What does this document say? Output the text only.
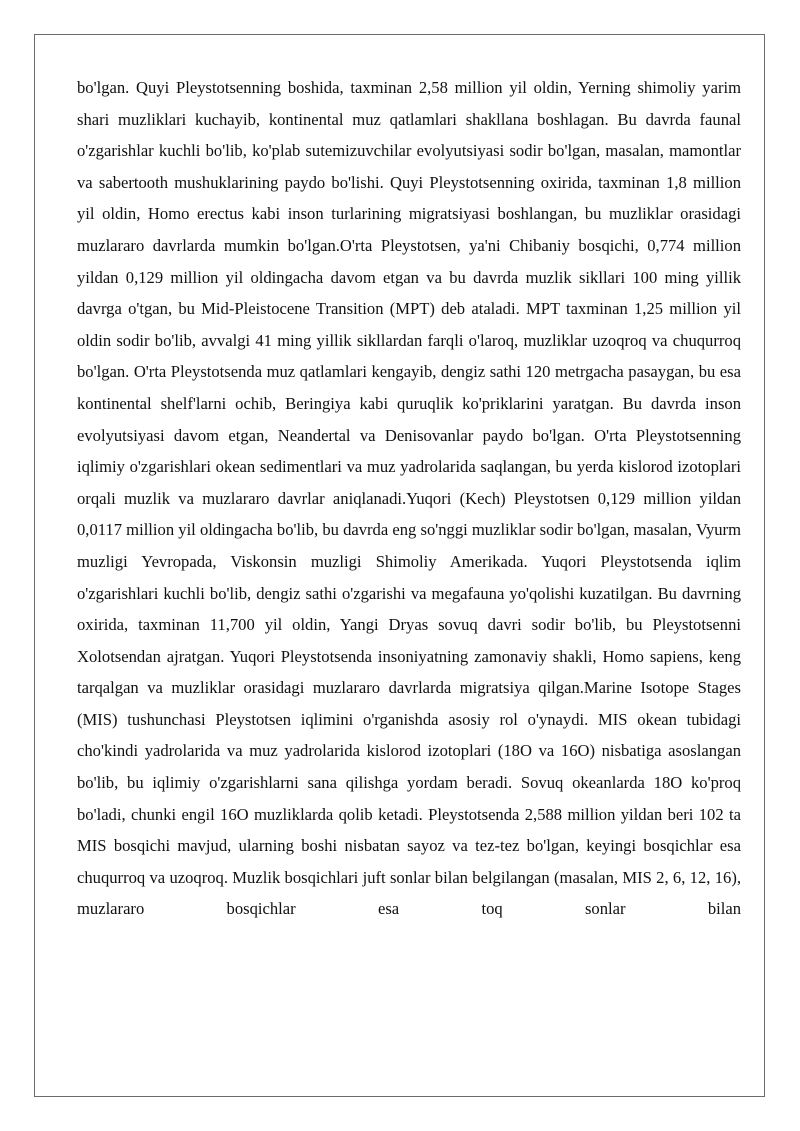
bo'lgan. Quyi Pleystotsenning boshida, taxminan 2,58 million yil oldin, Yerning shimoliy yarim shari muzliklari kuchayib, kontinental muz qatlamlari shakllana boshlagan. Bu davrda faunal o'zgarishlar kuchli bo'lib, ko'plab sutemizuvchilar evolyutsiyasi sodir bo'lgan, masalan, mamontlar va sabertooth mushuklarining paydo bo'lishi. Quyi Pleystotsenning oxirida, taxminan 1,8 million yil oldin, Homo erectus kabi inson turlarining migratsiyasi boshlangan, bu muzliklar orasidagi muzlararo davrlarda mumkin bo'lgan.O'rta Pleystotsen, ya'ni Chibaniy bosqichi, 0,774 million yildan 0,129 million yil oldingacha davom etgan va bu davrda muzlik sikllari 100 ming yillik davrga o'tgan, bu Mid-Pleistocene Transition (MPT) deb ataladi. MPT taxminan 1,25 million yil oldin sodir bo'lib, avvalgi 41 ming yillik sikllardan farqli o'laroq, muzliklar uzoqroq va chuqurroq bo'lgan. O'rta Pleystotsenda muz qatlamlari kengayib, dengiz sathi 120 metrgacha pasaygan, bu esa kontinental shelf'larni ochib, Beringiya kabi quruqlik ko'priklarini yaratgan. Bu davrda inson evolyutsiyasi davom etgan, Neandertal va Denisovanlar paydo bo'lgan. O'rta Pleystotsenning iqlimiy o'zgarishlari okean sedimentlari va muz yadrolarida saqlangan, bu yerda kislorod izotoplari orqali muzlik va muzlararo davrlar aniqlanadi.Yuqori (Kech) Pleystotsen 0,129 million yildan 0,0117 million yil oldingacha bo'lib, bu davrda eng so'nggi muzliklar sodir bo'lgan, masalan, Vyurm muzligi Yevropada, Viskonsin muzligi Shimoliy Amerikada. Yuqori Pleystotsenda iqlim o'zgarishlari kuchli bo'lib, dengiz sathi o'zgarishi va megafauna yo'qolishi kuzatilgan. Bu davrning oxirida, taxminan 11,700 yil oldin, Yangi Dryas sovuq davri sodir bo'lib, bu Pleystotsenni Xolotsendan ajratgan. Yuqori Pleystotsenda insoniyatning zamonaviy shakli, Homo sapiens, keng tarqalgan va muzliklar orasidagi muzlararo davrlarda migratsiya qilgan.Marine Isotope Stages (MIS) tushunchasi Pleystotsen iqlimini o'rganishda asosiy rol o'ynaydi. MIS okean tubidagi cho'kindi yadrolarida va muz yadrolarida kislorod izotoplari (18O va 16O) nisbatiga asoslangan bo'lib, bu iqlimiy o'zgarishlarni sana qilishga yordam beradi. Sovuq okeanlarda 18O ko'proq bo'ladi, chunki engil 16O muzliklarda qolib ketadi. Pleystotsenda 2,588 million yildan beri 102 ta MIS bosqichi mavjud, ularning boshi nisbatan sayoz va tez-tez bo'lgan, keyingi bosqichlar esa chuqurroq va uzoqroq. Muzlik bosqichlari juft sonlar bilan belgilangan (masalan, MIS 2, 6, 12, 16), muzlararo bosqichlar esa toq sonlar bilan
